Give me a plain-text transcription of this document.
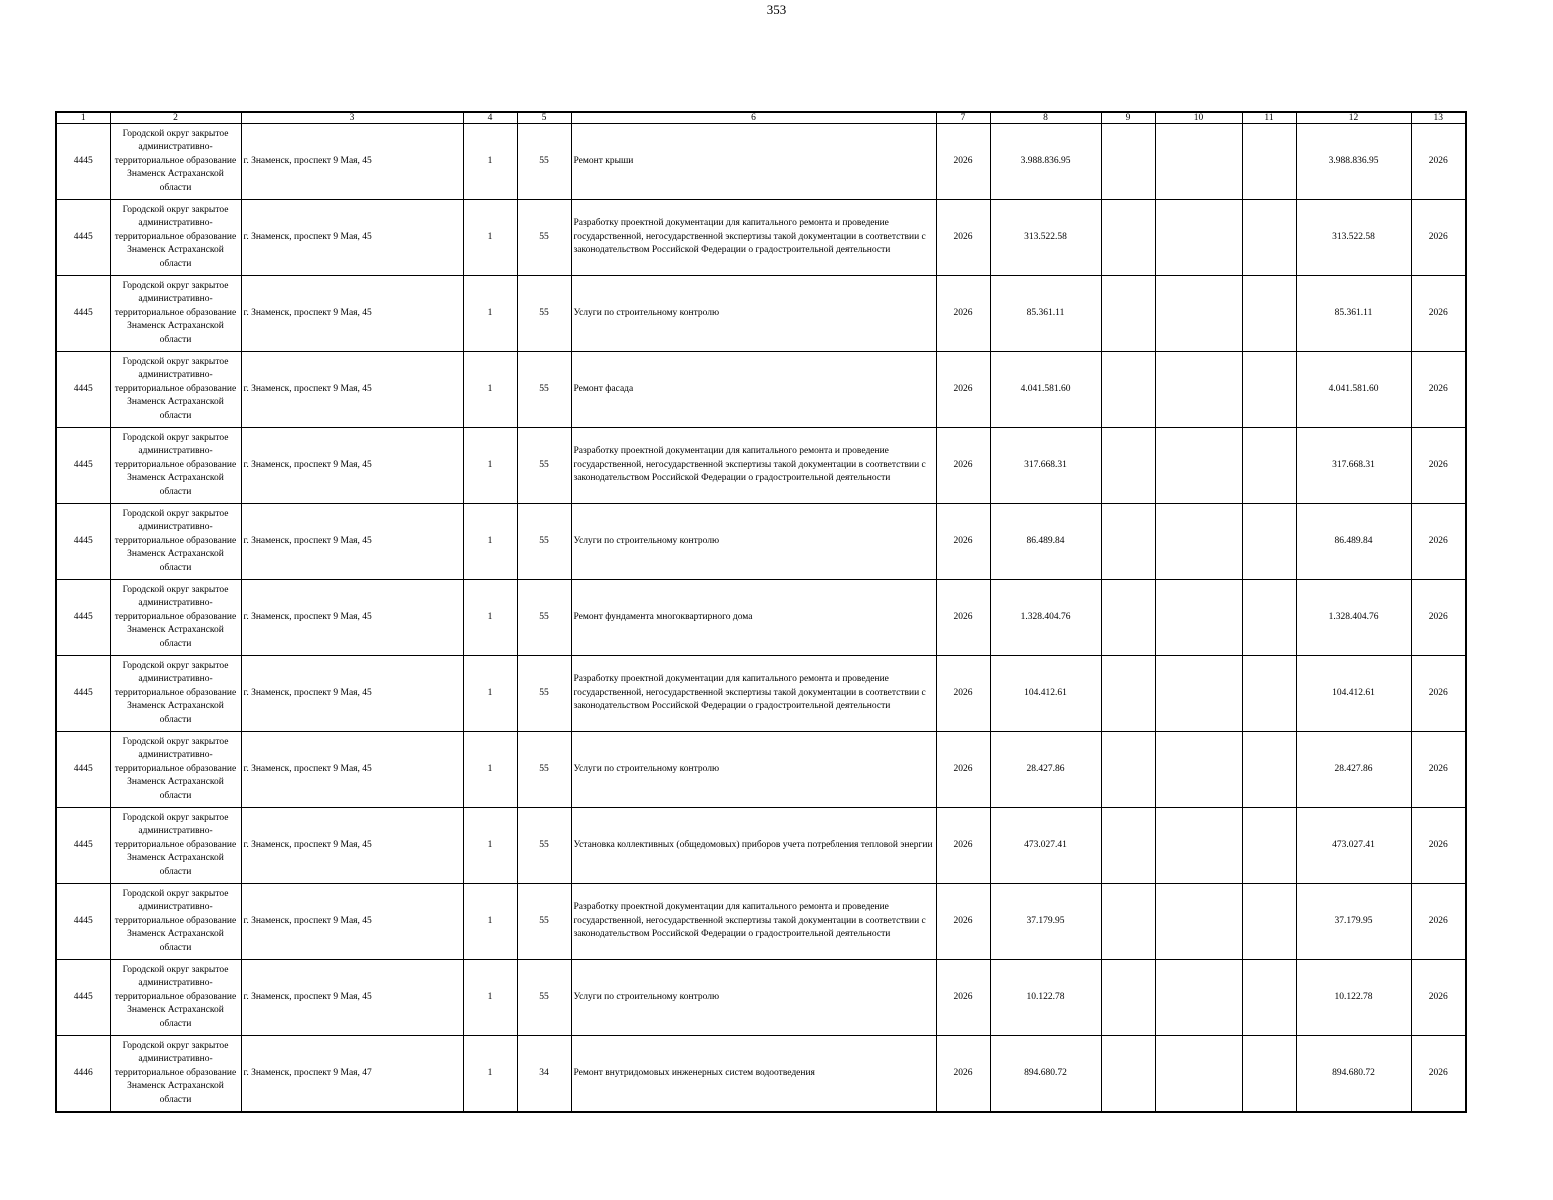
353
1	2	3	4	5	6	7	8	9	10	11	12	13
4445	Городской округ закрытое административно-территориальное образование Знаменск Астраханской области	г. Знаменск, проспект 9 Мая, 45	1	55	Ремонт крыши	2026	3.988.836.95				3.988.836.95	2026
4445	Городской округ закрытое административно-территориальное образование Знаменск Астраханской области	г. Знаменск, проспект 9 Мая, 45	1	55	Разработку проектной документации для капитального ремонта и проведение государственной, негосударственной экспертизы такой документации в соответствии с законодательством Российской Федерации о градостроительной деятельности	2026	313.522.58				313.522.58	2026
4445	Городской округ закрытое административно-территориальное образование Знаменск Астраханской области	г. Знаменск, проспект 9 Мая, 45	1	55	Услуги по строительному контролю	2026	85.361.11				85.361.11	2026
4445	Городской округ закрытое административно-территориальное образование Знаменск Астраханской области	г. Знаменск, проспект 9 Мая, 45	1	55	Ремонт фасада	2026	4.041.581.60				4.041.581.60	2026
4445	Городской округ закрытое административно-территориальное образование Знаменск Астраханской области	г. Знаменск, проспект 9 Мая, 45	1	55	Разработку проектной документации для капитального ремонта и проведение государственной, негосударственной экспертизы такой документации в соответствии с законодательством Российской Федерации о градостроительной деятельности	2026	317.668.31				317.668.31	2026
4445	Городской округ закрытое административно-территориальное образование Знаменск Астраханской области	г. Знаменск, проспект 9 Мая, 45	1	55	Услуги по строительному контролю	2026	86.489.84				86.489.84	2026
4445	Городской округ закрытое административно-территориальное образование Знаменск Астраханской области	г. Знаменск, проспект 9 Мая, 45	1	55	Ремонт фундамента многоквартирного дома	2026	1.328.404.76				1.328.404.76	2026
4445	Городской округ закрытое административно-территориальное образование Знаменск Астраханской области	г. Знаменск, проспект 9 Мая, 45	1	55	Разработку проектной документации для капитального ремонта и проведение государственной, негосударственной экспертизы такой документации в соответствии с законодательством Российской Федерации о градостроительной деятельности	2026	104.412.61				104.412.61	2026
4445	Городской округ закрытое административно-территориальное образование Знаменск Астраханской области	г. Знаменск, проспект 9 Мая, 45	1	55	Услуги по строительному контролю	2026	28.427.86				28.427.86	2026
4445	Городской округ закрытое административно-территориальное образование Знаменск Астраханской области	г. Знаменск, проспект 9 Мая, 45	1	55	Установка коллективных (общедомовых) приборов учета потребления тепловой энергии	2026	473.027.41				473.027.41	2026
4445	Городской округ закрытое административно-территориальное образование Знаменск Астраханской области	г. Знаменск, проспект 9 Мая, 45	1	55	Разработку проектной документации для капитального ремонта и проведение государственной, негосударственной экспертизы такой документации в соответствии с законодательством Российской Федерации о градостроительной деятельности	2026	37.179.95				37.179.95	2026
4445	Городской округ закрытое административно-территориальное образование Знаменск Астраханской области	г. Знаменск, проспект 9 Мая, 45	1	55	Услуги по строительному контролю	2026	10.122.78				10.122.78	2026
4446	Городской округ закрытое административно-территориальное образование Знаменск Астраханской области	г. Знаменск, проспект 9 Мая, 47	1	34	Ремонт внутридомовых инженерных систем водоотведения	2026	894.680.72				894.680.72	2026
